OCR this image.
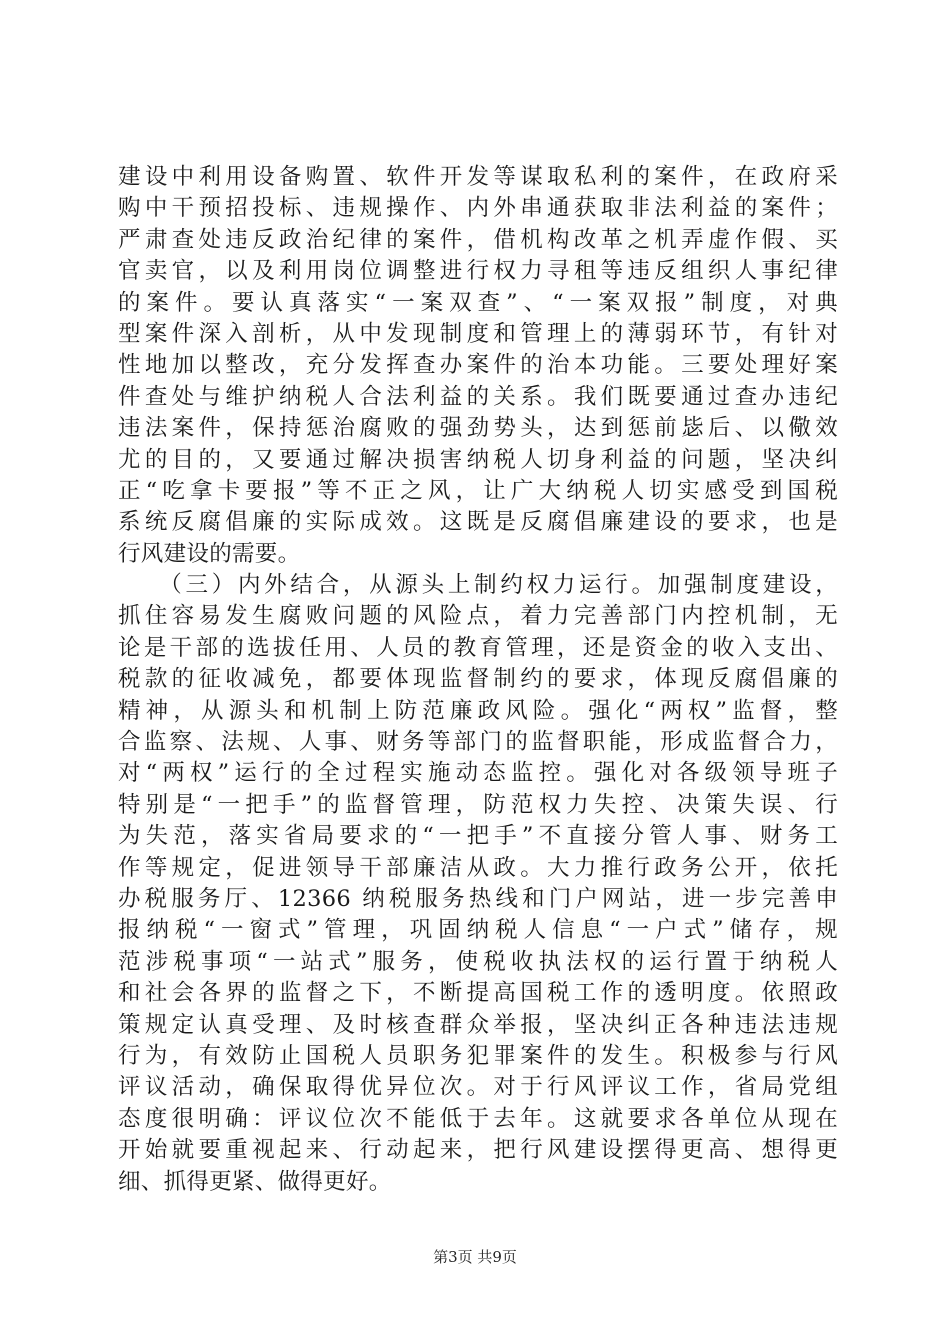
建设中利用设备购置、软件开发等谋取私利的案件，在政府采
购中干预招投标、违规操作、内外串通获取非法利益的案件；
严肃查处违反政治纪律的案件，借机构改革之机弄虚作假、买
官卖官，以及利用岗位调整进行权力寻租等违反组织人事纪律
的案件。要认真落实“一案双查”、“一案双报”制度，对典
型案件深入剖析，从中发现制度和管理上的薄弱环节，有针对
性地加以整改，充分发挥查办案件的治本功能。三要处理好案
件查处与维护纳税人合法利益的关系。我们既要通过查办违纪
违法案件，保持惩治腐败的强劲势头，达到惩前毖后、以儆效
尤的目的，又要通过解决损害纳税人切身利益的问题，坚决纠
正“吃拿卡要报”等不正之风，让广大纳税人切实感受到国税
系统反腐倡廉的实际成效。这既是反腐倡廉建设的要求，也是
行风建设的需要。
　　（三）内外结合，从源头上制约权力运行。加强制度建设，
抓住容易发生腐败问题的风险点，着力完善部门内控机制，无
论是干部的选拔任用、人员的教育管理，还是资金的收入支出、
税款的征收减免，都要体现监督制约的要求，体现反腐倡廉的
精神，从源头和机制上防范廉政风险。强化“两权”监督，整
合监察、法规、人事、财务等部门的监督职能，形成监督合力，
对“两权”运行的全过程实施动态监控。强化对各级领导班子
特别是“一把手”的监督管理，防范权力失控、决策失误、行
为失范，落实省局要求的“一把手”不直接分管人事、财务工
作等规定，促进领导干部廉洁从政。大力推行政务公开，依托
办税服务厅、12366 纳税服务热线和门户网站，进一步完善申
报纳税“一窗式”管理，巩固纳税人信息“一户式”储存，规
范涉税事项“一站式”服务，使税收执法权的运行置于纳税人
和社会各界的监督之下，不断提高国税工作的透明度。依照政
策规定认真受理、及时核查群众举报，坚决纠正各种违法违规
行为，有效防止国税人员职务犯罪案件的发生。积极参与行风
评议活动，确保取得优异位次。对于行风评议工作，省局党组
态度很明确：评议位次不能低于去年。这就要求各单位从现在
开始就要重视起来、行动起来，把行风建设摆得更高、想得更
细、抓得更紧、做得更好。
第3页 共9页
